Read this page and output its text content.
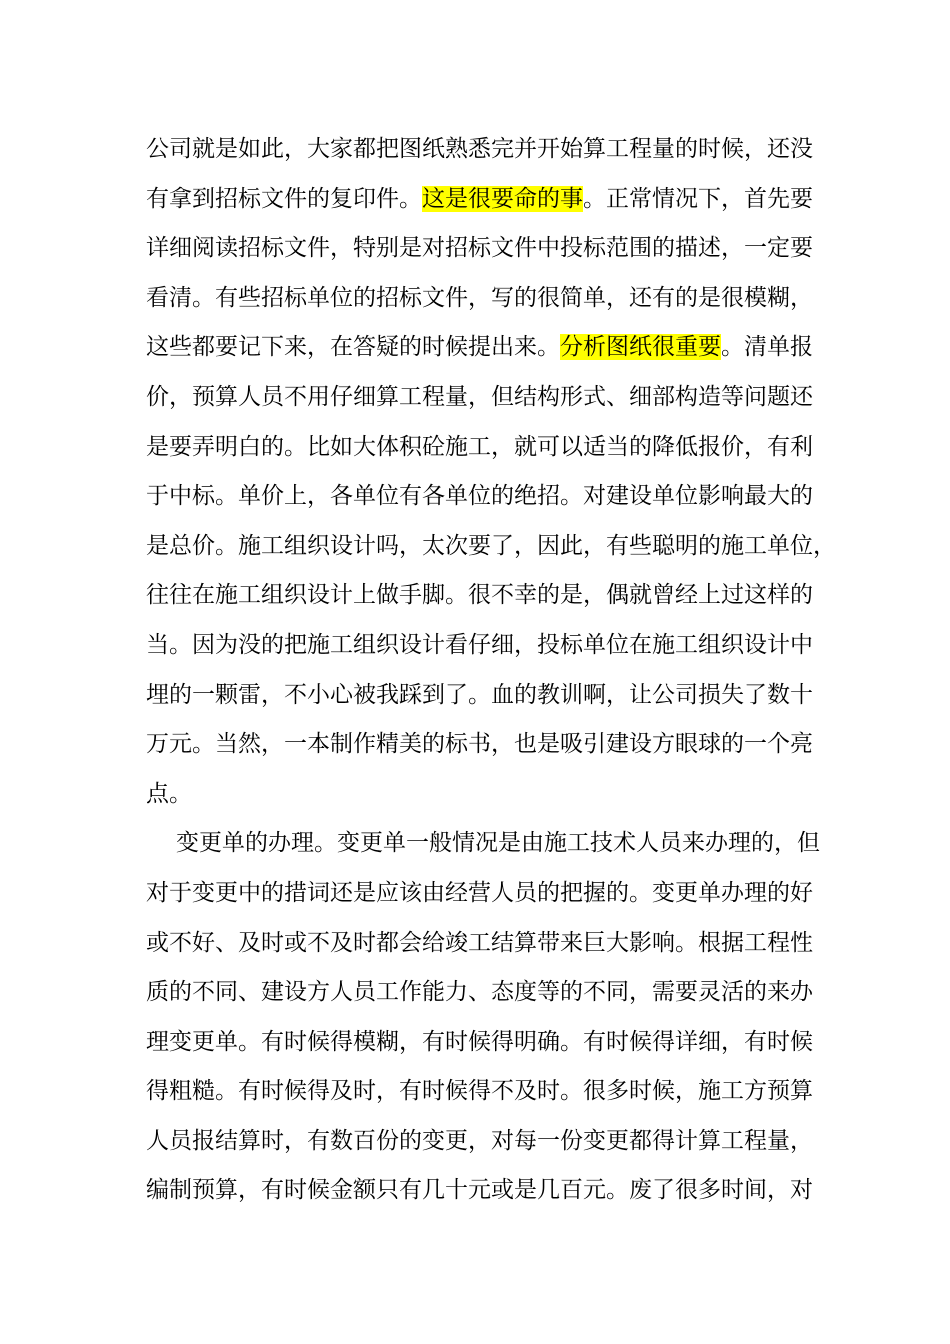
公司就是如此，大家都把图纸熟悉完并开始算工程量的时候，还没
有拿到招标文件的复印件。这是很要命的事。正常情况下，首先要
详细阅读招标文件，特别是对招标文件中投标范围的描述，一定要
看清。有些招标单位的招标文件，写的很简单，还有的是很模糊，
这些都要记下来，在答疑的时候提出来。分析图纸很重要。清单报
价，预算人员不用仔细算工程量，但结构形式、细部构造等问题还
是要弄明白的。比如大体积砼施工，就可以适当的降低报价，有利
于中标。单价上，各单位有各单位的绝招。对建设单位影响最大的
是总价。施工组织设计吗，太次要了，因此，有些聪明的施工单位，
往往在施工组织设计上做手脚。很不幸的是，偶就曾经上过这样的
当。因为没的把施工组织设计看仔细，投标单位在施工组织设计中
埋的一颗雷，不小心被我踩到了。血的教训啊，让公司损失了数十
万元。当然，一本制作精美的标书，也是吸引建设方眼球的一个亮
点。
变更单的办理。变更单一般情况是由施工技术人员来办理的，但
对于变更中的措词还是应该由经营人员的把握的。变更单办理的好
或不好、及时或不及时都会给竣工结算带来巨大影响。根据工程性
质的不同、建设方人员工作能力、态度等的不同，需要灵活的来办
理变更单。有时候得模糊，有时候得明确。有时候得详细，有时候
得粗糙。有时候得及时，有时候得不及时。很多时候，施工方预算
人员报结算时，有数百份的变更，对每一份变更都得计算工程量，
编制预算，有时候金额只有几十元或是几百元。废了很多时间，对
